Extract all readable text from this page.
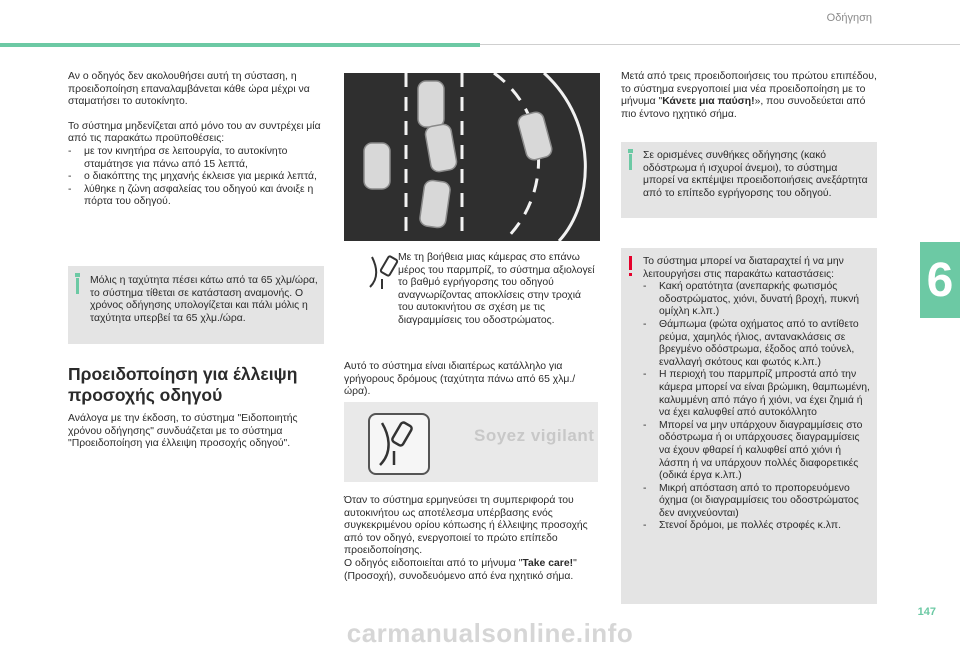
Οδήγηση
6
147

Αν ο οδηγός δεν ακολουθήσει αυτή τη σύσταση, η προειδοποίηση επαναλαμβάνεται κάθε ώρα μέχρι να σταματήσει το αυτοκίνητο.

Το σύστημα μηδενίζεται από μόνο του αν συντρέχει μία από τις παρακάτω προϋποθέσεις:

- με τον κινητήρα σε λειτουργία, το αυτοκίνητο σταμάτησε για πάνω από 15 λεπτά,
- ο διακόπτης της μηχανής έκλεισε για μερικά λεπτά,
- λύθηκε η ζώνη ασφαλείας του οδηγού και άνοιξε η πόρτα του οδηγού.

Μόλις η ταχύτητα πέσει κάτω από τα 65 χλμ/ώρα, το σύστημα τίθεται σε κατάσταση αναμονής. Ο χρόνος οδήγησης υπολογίζεται και πάλι μόλις η ταχύτητα υπερβεί τα 65 χλμ./ώρα.

Προειδοποίηση για έλλειψη προσοχής οδηγού

Ανάλογα με την έκδοση, το σύστημα "Ειδοποιητής χρόνου οδήγησης" συνδυάζεται με το σύστημα "Προειδοποίηση για έλλειψη προσοχής οδηγού".

Με τη βοήθεια μιας κάμερας στο επάνω μέρος του παρμπρίζ, το σύστημα αξιολογεί το βαθμό εγρήγορσης του οδηγού αναγνωρίζοντας αποκλίσεις στην τροχιά του αυτοκινήτου σε σχέση με τις διαγραμμίσεις του οδοστρώματος.

Αυτό το σύστημα είναι ιδιαιτέρως κατάλληλο για γρήγορους δρόμους (ταχύτητα πάνω από 65 χλμ./ώρα).

Soyez vigilant

Όταν το σύστημα ερμηνεύσει τη συμπεριφορά του αυτοκινήτου ως αποτέλεσμα υπέρβασης ενός συγκεκριμένου ορίου κόπωσης ή έλλειψης προσοχής από τον οδηγό, ενεργοποιεί το πρώτο επίπεδο προειδοποίησης.

Ο οδηγός ειδοποιείται από το μήνυμα "Take care!" (Προσοχή), συνοδευόμενο από ένα ηχητικό σήμα.

Μετά από τρεις προειδοποιήσεις του πρώτου επιπέδου, το σύστημα ενεργοποιεί μια νέα προειδοποίηση με το μήνυμα "Κάνετε μια παύση!», που συνοδεύεται από πιο έντονο ηχητικό σήμα.

Σε ορισμένες συνθήκες οδήγησης (κακό οδόστρωμα ή ισχυροί άνεμοι), το σύστημα μπορεί να εκπέμψει προειδοποιήσεις ανεξάρτητα από το επίπεδο εγρήγορσης του οδηγού.

Το σύστημα μπορεί να διαταραχτεί ή να μην λειτουργήσει στις παρακάτω καταστάσεις:

- Κακή ορατότητα (ανεπαρκής φωτισμός οδοστρώματος, χιόνι, δυνατή βροχή, πυκνή ομίχλη κ.λπ.)
- Θάμπωμα (φώτα οχήματος από το αντίθετο ρεύμα, χαμηλός ήλιος, αντανακλάσεις σε βρεγμένο οδόστρωμα, έξοδος από τούνελ, εναλλαγή σκότους και φωτός κ.λπ.)
- Η περιοχή του παρμπρίζ μπροστά από την κάμερα μπορεί να είναι βρώμικη, θαμπωμένη, καλυμμένη από πάγο ή χιόνι, να έχει ζημιά ή να έχει καλυφθεί από αυτοκόλλητο
- Μπορεί να μην υπάρχουν διαγραμμίσεις στο οδόστρωμα ή οι υπάρχουσες διαγραμμίσεις να έχουν φθαρεί ή καλυφθεί από χιόνι ή λάσπη ή να υπάρχουν πολλές διαφορετικές (οδικά έργα κ.λπ.)
- Μικρή απόσταση από το προπορευόμενο όχημα (οι διαγραμμίσεις του οδοστρώματος δεν ανιχνεύονται)
- Στενοί δρόμοι, με πολλές στροφές κ.λπ.
carmanualsonline.info
